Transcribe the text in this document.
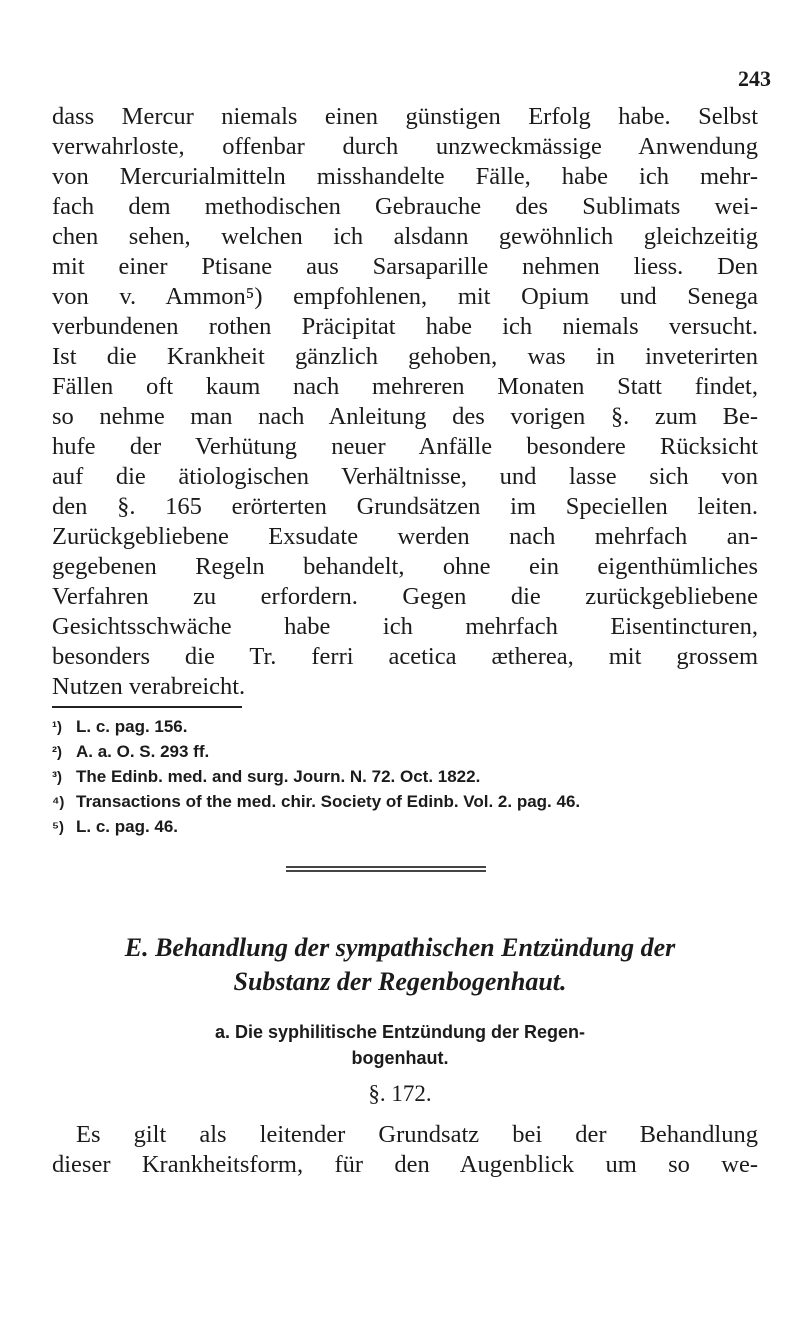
243
dass Mercur niemals einen günstigen Erfolg habe. Selbst
verwahrloste, offenbar durch unzweckmässige Anwendung
von Mercurialmitteln misshandelte Fälle, habe ich mehr-
fach dem methodischen Gebrauche des Sublimats wei-
chen sehen, welchen ich alsdann gewöhnlich gleichzeitig
mit einer Ptisane aus Sarsaparille nehmen liess. Den
von v. Ammon⁵) empfohlenen, mit Opium und Senega
verbundenen rothen Präcipitat habe ich niemals versucht.
Ist die Krankheit gänzlich gehoben, was in inveterirten
Fällen oft kaum nach mehreren Monaten Statt findet,
so nehme man nach Anleitung des vorigen §. zum Be-
hufe der Verhütung neuer Anfälle besondere Rücksicht
auf die ätiologischen Verhältnisse, und lasse sich von
den §. 165 erörterten Grundsätzen im Speciellen leiten.
Zurückgebliebene Exsudate werden nach mehrfach an-
gegebenen Regeln behandelt, ohne ein eigenthümliches
Verfahren zu erfordern. Gegen die zurückgebliebene
Gesichtsschwäche habe ich mehrfach Eisentincturen,
besonders die Tr. ferri acetica ætherea, mit grossem
Nutzen verabreicht.
¹) L. c. pag. 156.
²) A. a. O. S. 293 ff.
³) The Edinb. med. and surg. Journ. N. 72. Oct. 1822.
⁴) Transactions of the med. chir. Society of Edinb. Vol. 2. pag. 46.
⁵) L. c. pag. 46.
E. Behandlung der sympathischen Entzündung der
Substanz der Regenbogenhaut.
a. Die syphilitische Entzündung der Regen-
bogenhaut.
§. 172.
Es gilt als leitender Grundsatz bei der Behandlung
dieser Krankheitsform, für den Augenblick um so we-
